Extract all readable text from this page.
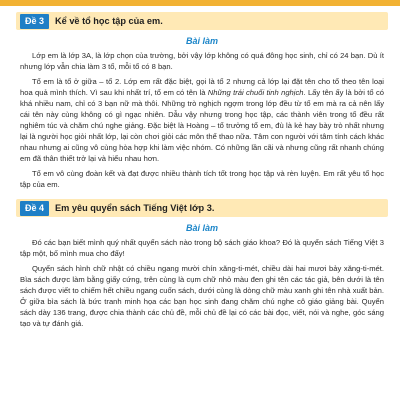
Đề 3	Kể về tổ học tập của em.
Bài làm

Lớp em là lớp 3A, là lớp chọn của trường, bởi vậy lớp không có quá đông học sinh, chỉ có 24 bạn. Dù ít nhưng lớp vẫn chia làm 3 tổ, mỗi tổ có 8 bạn.

Tổ em là tổ ở giữa – tổ 2. Lớp em rất đặc biệt, gọi là tổ 2 nhưng cả lớp lại đặt tên cho tổ theo tên loại hoa quả mình thích. Vì sau khi nhất trí, tổ em có tên là Những trái chuối tinh nghịch. Lấy tên ấy là bởi tổ có khá nhiều nam, chỉ có 3 bạn nữ mà thôi. Những trò nghịch ngợm trong lớp đều từ tổ em mà ra cả nên lấy cái tên này cùng không có gì ngạc nhiên. Dẫu vậy nhưng trong học tập, các thành viên trong tổ đều rất nghiêm túc và chăm chú nghe giảng. Đặc biệt là Hoàng – tổ trưởng tổ em, đù là kẻ hay bày trò nhất nhưng lại là người học giỏi nhất lớp, lại còn chơi giỏi các môn thể thao nữa. Tâm con người với tâm tính cách khác nhau nhưng ai cũng vô cùng hòa hợp khi làm việc nhóm. Có những lần cãi và nhưng cũng rất nhanh chúng em đã thân thiết trở lại và hiểu nhau hơn.

Tổ em vô cùng đoàn kết và đạt được nhiều thành tích tốt trong học tập và rèn luyện. Em rất yêu tổ học tập của em.

Đề 4	Em yêu quyển sách Tiếng Việt lớp 3.
Bài làm

Đó các bạn biết mình quý nhất quyển sách nào trong bộ sách giáo khoa? Đó là quyển sách Tiếng Việt 3 tập một, bố mình mua cho đấy!

Quyển sách hình chữ nhật có chiều ngang mười chín xăng-ti-mét, chiều dài hai mươi bảy xăng-ti-mét. Bìa sách được làm bằng giấy cứng, trên cùng là cụm chữ nhỏ màu đen ghi tên các tác giả, bên dưới là tên sách được viết to chiếm hết chiều ngang cuốn sách, dưới cùng là dòng chữ màu xanh ghi tên nhà xuất bản. Ở giữa bìa sách là bức tranh minh họa các bạn học sinh đang chăm chú nghe cô giáo giảng bài. Quyển sách dày 136 trang, được chia thành các chủ đề, mỗi chủ đề lại có các bài đọc, viết, nói và nghe, góc sáng tạo và tự đánh giá.
